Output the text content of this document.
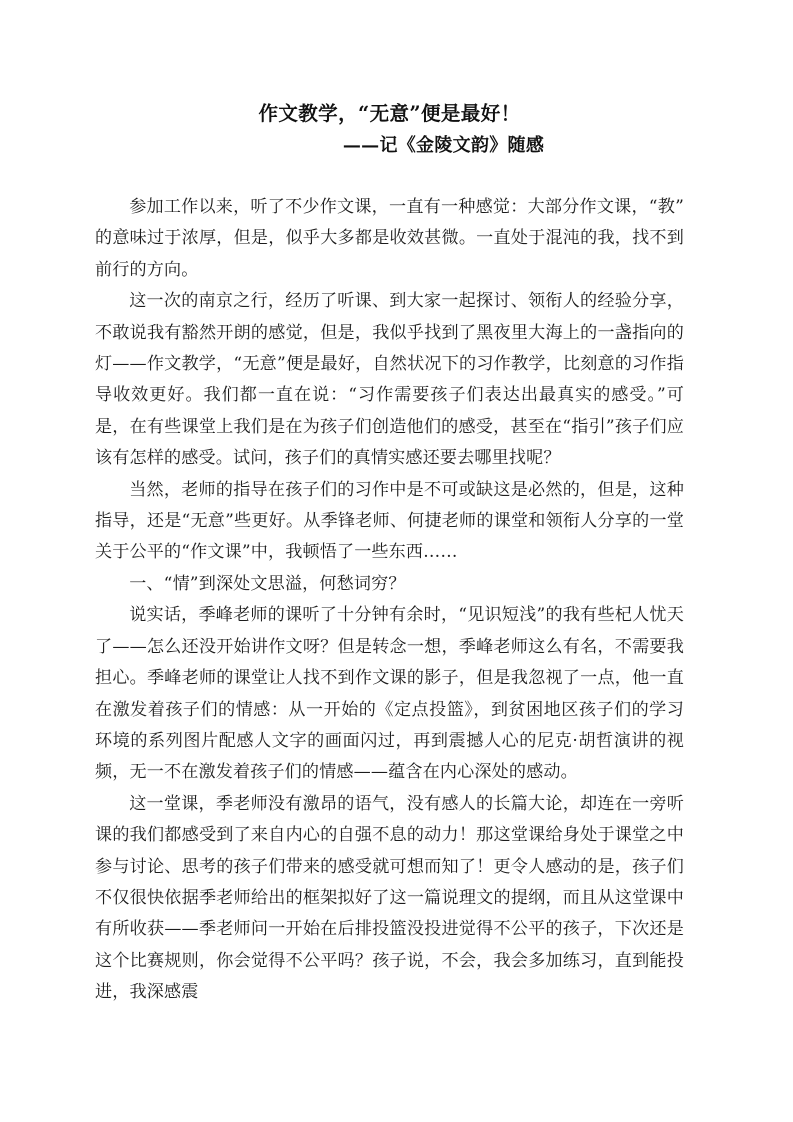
作文教学，“无意”便是最好！
——记《金陵文韵》随感

参加工作以来，听了不少作文课，一直有一种感觉：大部分作文课，“教”的意味过于浓厚，但是，似乎大多都是收效甚微。一直处于混沌的我，找不到前行的方向。

这一次的南京之行，经历了听课、到大家一起探讨、领衔人的经验分享，不敢说我有豁然开朗的感觉，但是，我似乎找到了黑夜里大海上的一盏指向的灯——作文教学，“无意”便是最好，自然状况下的习作教学，比刻意的习作指导收效更好。我们都一直在说：“习作需要孩子们表达出最真实的感受。”可是，在有些课堂上我们是在为孩子们创造他们的感受，甚至在“指引”孩子们应该有怎样的感受。试问，孩子们的真情实感还要去哪里找呢？

当然，老师的指导在孩子们的习作中是不可或缺这是必然的，但是，这种指导，还是“无意”些更好。从季锋老师、何捷老师的课堂和领衔人分享的一堂关于公平的“作文课”中，我顿悟了一些东西……

一、“情”到深处文思溢，何愁词穷？

说实话，季峰老师的课听了十分钟有余时，“见识短浅”的我有些杞人忧天了——怎么还没开始讲作文呀？但是转念一想，季峰老师这么有名，不需要我担心。季峰老师的课堂让人找不到作文课的影子，但是我忽视了一点，他一直在激发着孩子们的情感：从一开始的《定点投篮》，到贫困地区孩子们的学习环境的系列图片配感人文字的画面闪过，再到震撼人心的尼克·胡哲演讲的视频，无一不在激发着孩子们的情感——蕴含在内心深处的感动。

这一堂课，季老师没有激昂的语气，没有感人的长篇大论，却连在一旁听课的我们都感受到了来自内心的自强不息的动力！那这堂课给身处于课堂之中参与讨论、思考的孩子们带来的感受就可想而知了！更令人感动的是，孩子们不仅很快依据季老师给出的框架拟好了这一篇说理文的提纲，而且从这堂课中有所收获——季老师问一开始在后排投篮没投进觉得不公平的孩子，下次还是这个比赛规则，你会觉得不公平吗？孩子说，不会，我会多加练习，直到能投进，我深感震
